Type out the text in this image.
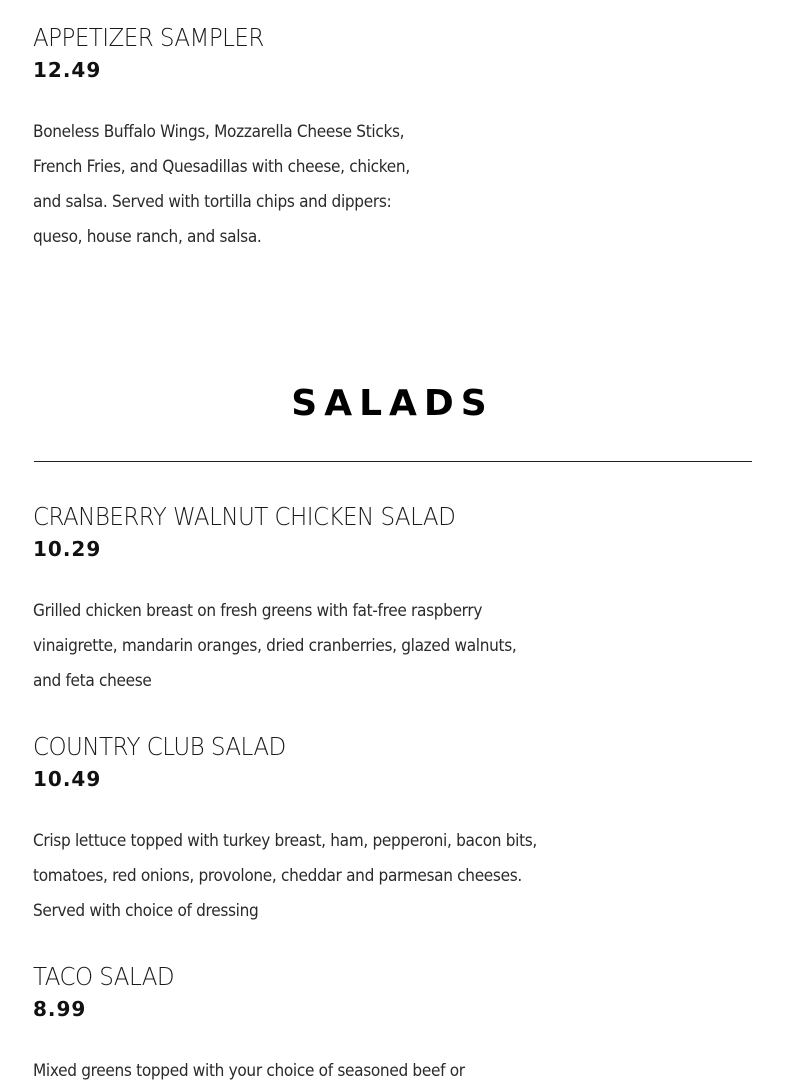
APPETIZER SAMPLER
12.49
Boneless Buffalo Wings, Mozzarella Cheese Sticks,
French Fries, and Quesadillas with cheese, chicken,
and salsa. Served with tortilla chips and dippers:
queso, house ranch, and salsa.
SALADS
CRANBERRY WALNUT CHICKEN SALAD
10.29
Grilled chicken breast on fresh greens with fat-free raspberry
vinaigrette, mandarin oranges, dried cranberries, glazed walnuts,
and feta cheese
COUNTRY CLUB SALAD
10.49
Crisp lettuce topped with turkey breast, ham, pepperoni, bacon bits,
tomatoes, red onions, provolone, cheddar and parmesan cheeses.
Served with choice of dressing
TACO SALAD
8.99
Mixed greens topped with your choice of seasoned beef or
